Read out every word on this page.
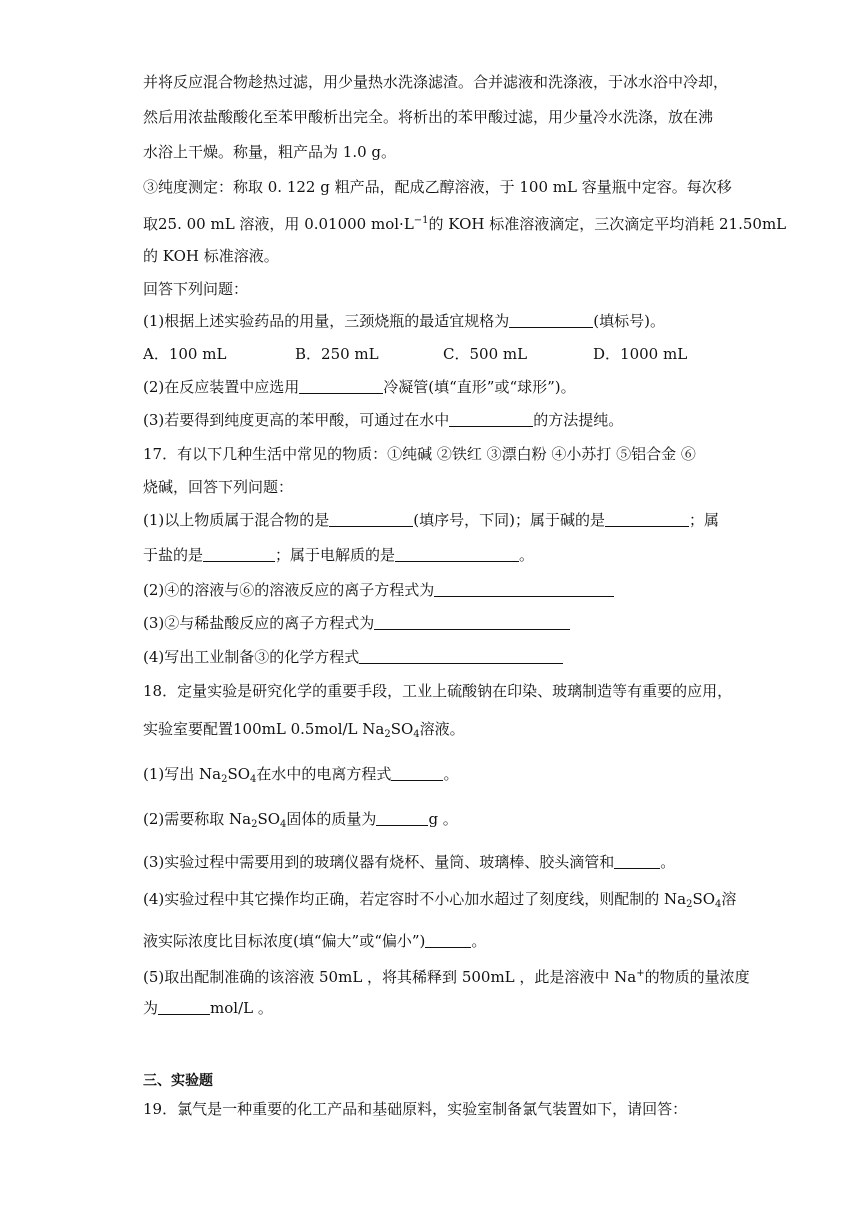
并将反应混合物趁热过滤，用少量热水洗涤滤渣。合并滤液和洗涤液，于冰水浴中冷却，
然后用浓盐酸酸化至苯甲酸析出完全。将析出的苯甲酸过滤，用少量冷水洗涤，放在沸
水浴上干燥。称量，粗产品为 1.0 g。
③纯度测定：称取 0. 122 g 粗产品，配成乙醇溶液，于 100 mL 容量瓶中定容。每次移
取25. 00 mL 溶液，用 0.01000 $mol\cdot L^{-1}$的 KOH 标准溶液滴定，三次滴定平均消耗 21.50mL
的 KOH 标准溶液。
回答下列问题：
(1)根据上述实验药品的用量，三颈烧瓶的最适宜规格为	(填标号)。
A．100 mL	B．250 mL	C．500 mL	D．1000 mL
(2)在反应装置中应选用	冷凝管(填“直形”或“球形”)。
(3)若要得到纯度更高的苯甲酸，可通过在水中	的方法提纯。
17．有以下几种生活中常见的物质：①纯碱 ②铁红 ③漂白粉 ④小苏打 ⑤铝合金 ⑥
烧碱，回答下列问题：
(1)以上物质属于混合物的是	(填序号，下同)；属于碱的是	；属
于盐的是	；属于电解质的是	。
(2)④的溶液与⑥的溶液反应的离子方程式为
(3)②与稀盐酸反应的离子方程式为
(4)写出工业制备③的化学方程式
18．定量实验是研究化学的重要手段，工业上硫酸钠在印染、玻璃制造等有重要的应用，
实验室要配置100mL 0.5mol/L $Na_2SO_4$溶液。
(1)写出 $Na_2SO_4$在水中的电离方程式	。
(2)需要称取 $Na_2SO_4$固体的质量为	g 。
(3)实验过程中需要用到的玻璃仪器有烧杯、量筒、玻璃棒、胶头滴管和	。
(4)实验过程中其它操作均正确，若定容时不小心加水超过了刻度线，则配制的 $Na_2SO_4$溶
液实际浓度比目标浓度(填“偏大”或“偏小”)	。
(5)取出配制准确的该溶液 50mL ，将其稀释到 500mL ，此是溶液中 Na+的物质的量浓度
为	mol/L 。
三、实验题
19．氯气是一种重要的化工产品和基础原料，实验室制备氯气装置如下，请回答：
